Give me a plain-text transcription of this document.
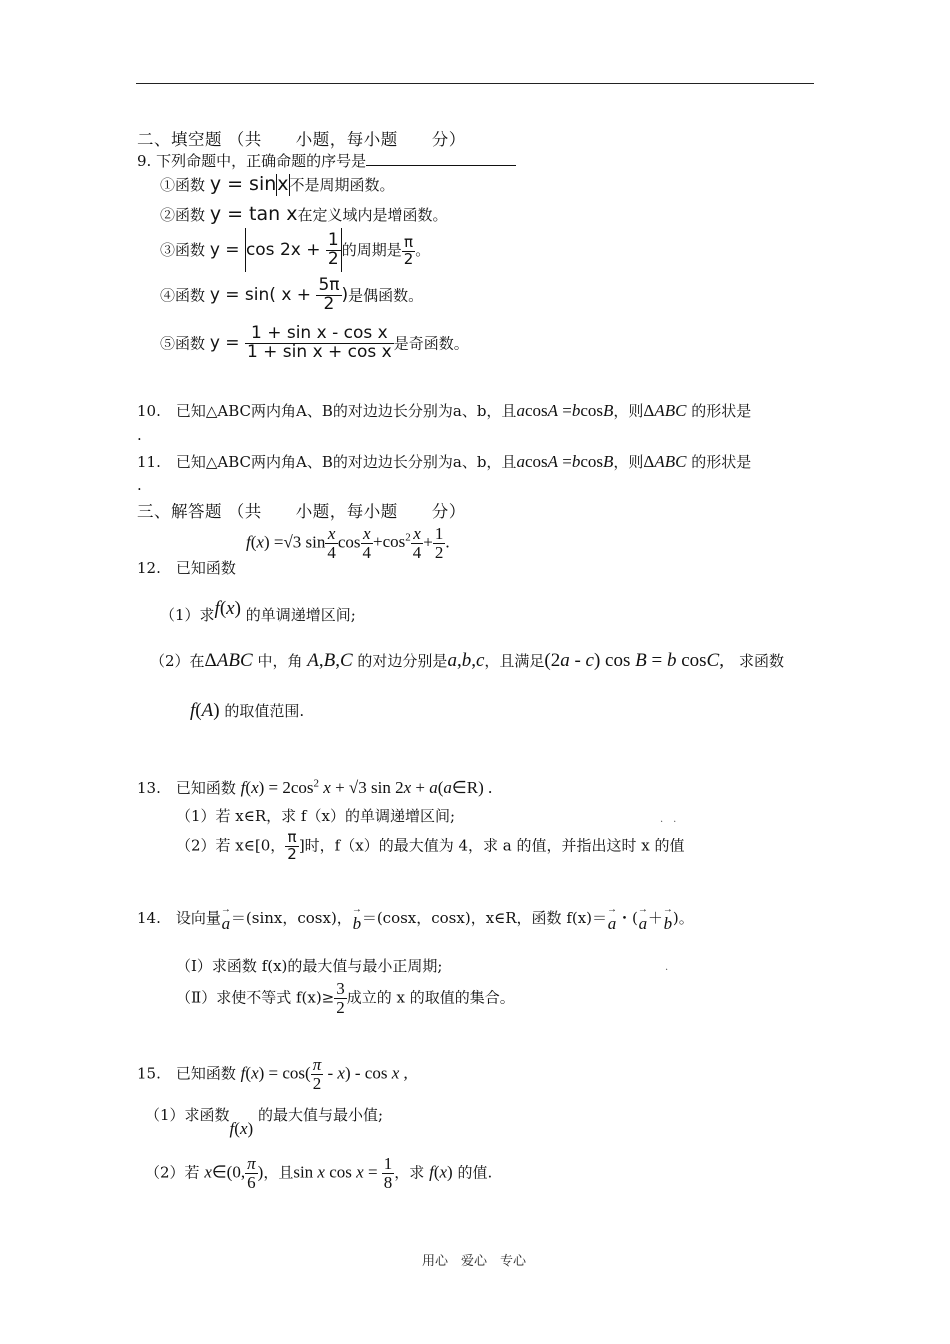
二、填空题 （共　　小题，每小题　　分）
9. 下列命题中，正确命题的序号是
①函数 y = sinx不是周期函数。
②函数 y = tan x在定义域内是增函数。
③函数 $y = \cos 2x + \frac{1}{2}$ 的周期是 $\frac{\pi}{2}$ 。
④函数 y = sin( $x + \frac{5\pi}{2}$ )是偶函数。
⑤函数 $y = \frac{\text{1 + sin x - cos x}}{\text{1 + sin x + cos x}}$ 是奇函数。
10.　 已知△ABC两内角A、B的对边边长分别为a、b，且acosA =bcosB，则ΔABC 的形状是
.
11.　 已知△ABC两内角A、B的对边边长分别为a、b，且acosA =bcosB，则ΔABC 的形状是
.
三、解答题 （共　　小题，每小题　　分）
f(x) =√3 $\sin \frac{x}{4}$ $\cos \frac{x}{4} +\cos^2 \frac{x}{4} + \frac{1}{2}$ .
12.　 已知函数
（1）求f(x) 的单调递增区间;
（2）在ΔABC 中，角 A,B,C 的对边分别是a,b,c，且满足(2a - c) cos B = b cosC,　 求函数
f(A) 的取值范围.
13.　 已知函数 $f(x) = 2\cos^2$ x + √3 sin 2x + a(a∈R) .
（1）若 x∈R，求 f（x）的单调递增区间;	.　.
（2）若 x∈[0， $\frac{\pi}{2}$ ]时，f（x）的最大值为 4，求 a 的值，并指出这时 x 的值
14.　 设向量 →
a ＝(sinx，cosx)， →
b ＝(cosx，cosx)，x∈R，函数 f(x)＝ →
a ・( →
a ＋ →
b )。
（Ⅰ）求函数 f(x)的最大值与最小正周期;	.
（Ⅱ）求使不等式 $f(x)\ge \frac{3}{2}$ 成立的 x 的取值的集合。
15.　 已知函数 $f(x) = \cos( \frac{\pi}{2} - x) - \cos x$ ,
（1）求函数f(x) 的最大值与最小值;
（2）若 x∈(0, $\frac{\pi}{6}$ )，且sin x $\cos x = \frac{1}{8}$ ，求 f(x) 的值.
用心　爱心　专心
